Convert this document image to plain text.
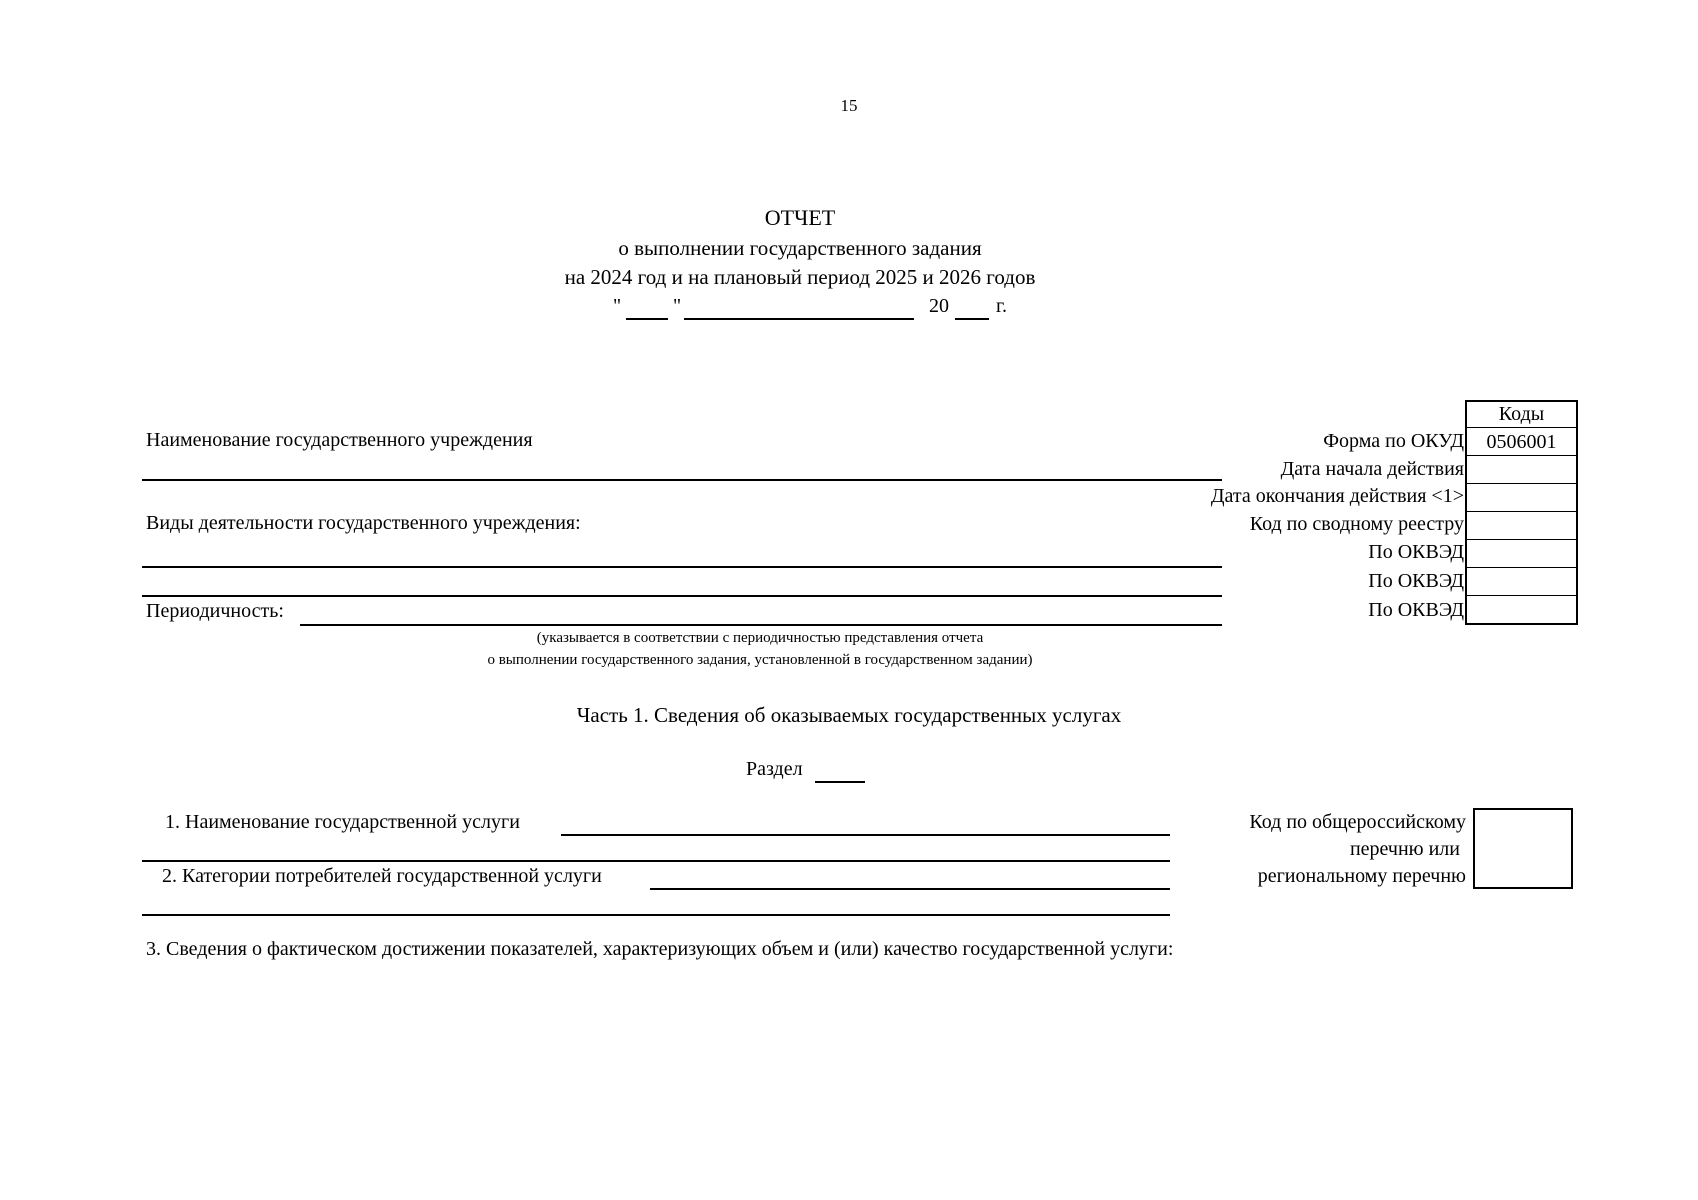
15
ОТЧЕТ
о выполнении государственного задания
на 2024 год и на плановый период 2025 и 2026 годов
"	"	20 г.
Коды
0506001
Форма по ОКУД
Дата начала действия
Дата окончания действия <1>
Код по сводному реестру
По ОКВЭД
По ОКВЭД
По ОКВЭД
Наименование государственного учреждения
Виды деятельности государственного учреждения:
Периодичность:
(указывается в соответствии с периодичностью представления отчета
о выполнении государственного задания, установленной в государственном задании)
Часть 1. Сведения об оказываемых государственных услугах
Раздел
1. Наименование государственной услуги
2. Категории потребителей государственной услуги
Код по общероссийскому
перечню или
региональному перечню
3. Сведения о фактическом достижении показателей, характеризующих объем и (или) качество государственной услуги:
